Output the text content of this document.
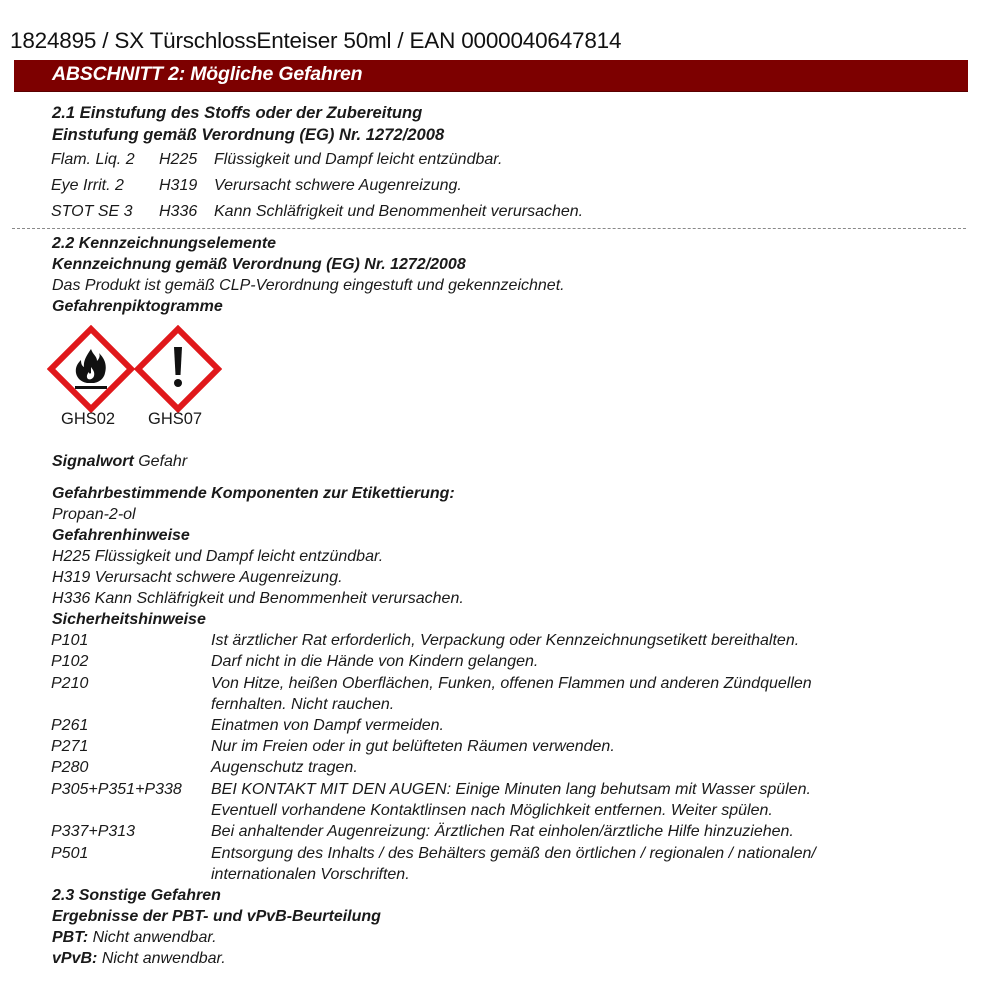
1824895 / SX TürschlossEnteiser 50ml / EAN 0000040647814
ABSCHNITT 2: Mögliche Gefahren
2.1 Einstufung des Stoffs oder der Zubereitung
Einstufung gemäß Verordnung (EG) Nr. 1272/2008
Flam. Liq. 2 H225 Flüssigkeit und Dampf leicht entzündbar.
Eye Irrit. 2 H319 Verursacht schwere Augenreizung.
STOT SE 3 H336 Kann Schläfrigkeit und Benommenheit verursachen.
2.2 Kennzeichnungselemente
Kennzeichnung gemäß Verordnung (EG) Nr. 1272/2008
Das Produkt ist gemäß CLP-Verordnung eingestuft und gekennzeichnet.
Gefahrenpiktogramme
GHS02 GHS07
Signalwort Gefahr
Gefahrbestimmende Komponenten zur Etikettierung:
Propan-2-ol
Gefahrenhinweise
H225 Flüssigkeit und Dampf leicht entzündbar.
H319 Verursacht schwere Augenreizung.
H336 Kann Schläfrigkeit und Benommenheit verursachen.
Sicherheitshinweise
P101	Ist ärztlicher Rat erforderlich, Verpackung oder Kennzeichnungsetikett bereithalten.
P102	Darf nicht in die Hände von Kindern gelangen.
P210	Von Hitze, heißen Oberflächen, Funken, offenen Flammen und anderen Zündquellen
fernhalten. Nicht rauchen.
P261	Einatmen von Dampf vermeiden.
P271	Nur im Freien oder in gut belüfteten Räumen verwenden.
P280	Augenschutz tragen.
P305+P351+P338 BEI KONTAKT MIT DEN AUGEN: Einige Minuten lang behutsam mit Wasser spülen.
Eventuell vorhandene Kontaktlinsen nach Möglichkeit entfernen. Weiter spülen.
P337+P313	Bei anhaltender Augenreizung: Ärztlichen Rat einholen/ärztliche Hilfe hinzuziehen.
P501	Entsorgung des Inhalts / des Behälters gemäß den örtlichen / regionalen / nationalen/
internationalen Vorschriften.
2.3 Sonstige Gefahren
Ergebnisse der PBT- und vPvB-Beurteilung
PBT: Nicht anwendbar.
vPvB: Nicht anwendbar.
